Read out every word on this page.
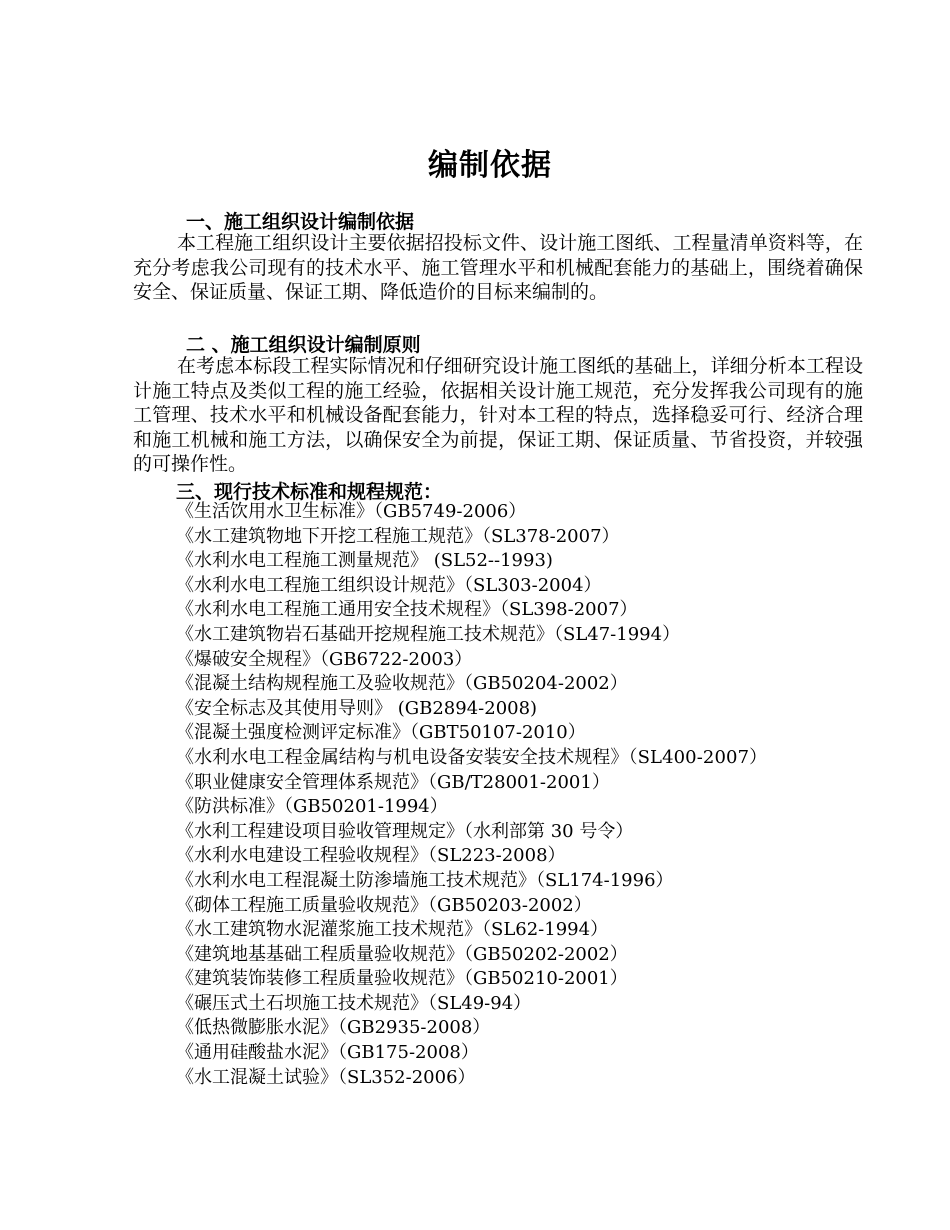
编制依据
一、施工组织设计编制依据

本工程施工组织设计主要依据招投标文件、设计施工图纸、工程量清单资料等，在充分考虑我公司现有的技术水平、施工管理水平和机械配套能力的基础上，围绕着确保安全、保证质量、保证工期、降低造价的目标来编制的。

二 、施工组织设计编制原则

在考虑本标段工程实际情况和仔细研究设计施工图纸的基础上，详细分析本工程设计施工特点及类似工程的施工经验，依据相关设计施工规范，充分发挥我公司现有的施工管理、技术水平和机械设备配套能力，针对本工程的特点，选择稳妥可行、经济合理和施工机械和施工方法，以确保安全为前提，保证工期、保证质量、节省投资，并较强的可操作性。

三、现行技术标准和规程规范：
《生活饮用水卫生标准》（GB5749-2006）
《水工建筑物地下开挖工程施工规范》（SL378-2007）
《水利水电工程施工测量规范》 (SL52--1993)
《水利水电工程施工组织设计规范》（SL303-2004）
《水利水电工程施工通用安全技术规程》（SL398-2007）
《水工建筑物岩石基础开挖规程施工技术规范》（SL47-1994）
《爆破安全规程》（GB6722-2003）
《混凝土结构规程施工及验收规范》（GB50204-2002）
《安全标志及其使用导则》 (GB2894-2008)
《混凝土强度检测评定标准》（GBT50107-2010）
《水利水电工程金属结构与机电设备安装安全技术规程》（SL400-2007）
《职业健康安全管理体系规范》（GB/T28001-2001）
《防洪标准》（GB50201-1994）
《水利工程建设项目验收管理规定》（水利部第 30 号令）
《水利水电建设工程验收规程》（SL223-2008）
《水利水电工程混凝土防渗墙施工技术规范》（SL174-1996）
《砌体工程施工质量验收规范》（GB50203-2002）
《水工建筑物水泥灌浆施工技术规范》（SL62-1994）
《建筑地基基础工程质量验收规范》（GB50202-2002）
《建筑装饰装修工程质量验收规范》（GB50210-2001）
《碾压式土石坝施工技术规范》（SL49-94）
《低热微膨胀水泥》（GB2935-2008）
《通用硅酸盐水泥》（GB175-2008）
《水工混凝土试验》（SL352-2006）
